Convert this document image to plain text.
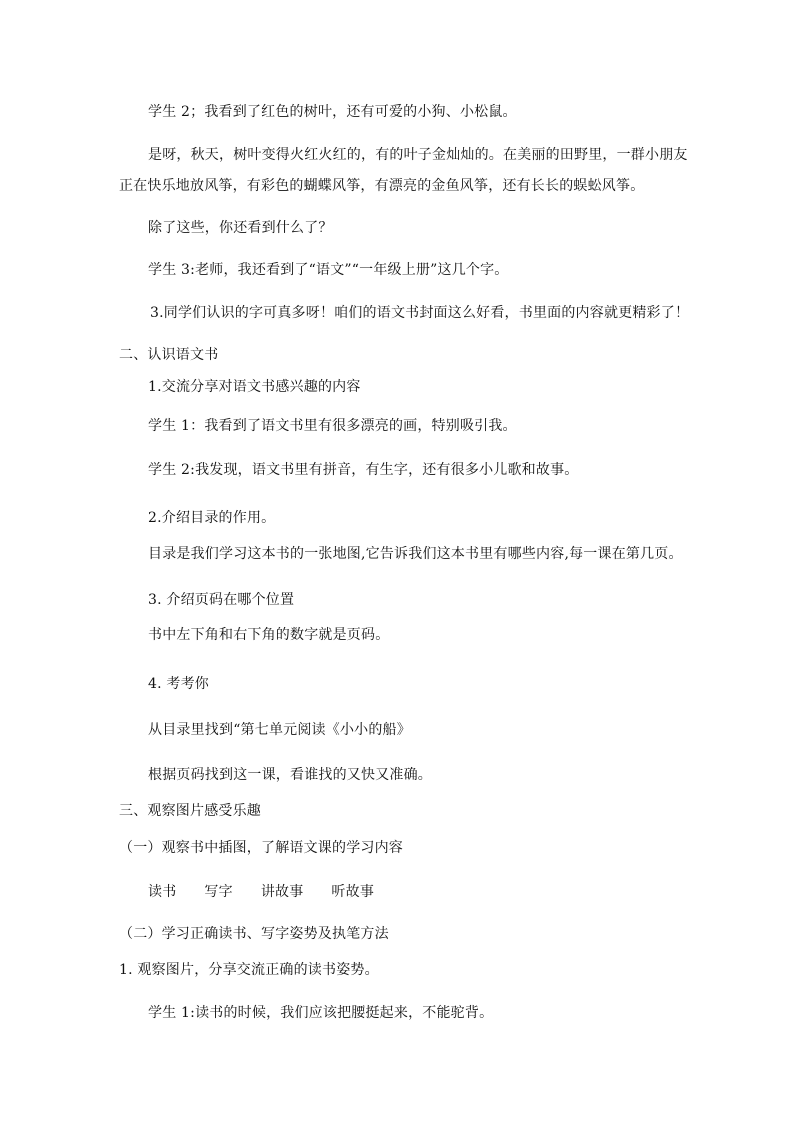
学生 2；我看到了红色的树叶，还有可爱的小狗、小松鼠。
是呀，秋天，树叶变得火红火红的，有的叶子金灿灿的。在美丽的田野里，一群小朋友
正在快乐地放风筝，有彩色的蝴蝶风筝，有漂亮的金鱼风筝，还有长长的蜈蚣风筝。
除了这些，你还看到什么了？
学生 3:老师，我还看到了“语文”“一年级上册”这几个字。
3.同学们认识的字可真多呀！咱们的语文书封面这么好看，书里面的内容就更精彩了！
二、认识语文书
1.交流分享对语文书感兴趣的内容
学生 1：我看到了语文书里有很多漂亮的画，特别吸引我。
学生 2:我发现，语文书里有拼音，有生字，还有很多小儿歌和故事。
2.介绍目录的作用。
目录是我们学习这本书的一张地图,它告诉我们这本书里有哪些内容,每一课在第几页。
3. 介绍页码在哪个位置
书中左下角和右下角的数字就是页码。
4. 考考你
从目录里找到“第七单元阅读《小小的船》
根据页码找到这一课，看谁找的又快又准确。
三、观察图片感受乐趣
（一）观察书中插图，了解语文课的学习内容
读书 写字 讲故事 听故事
（二）学习正确读书、写字姿势及执笔方法
1. 观察图片，分享交流正确的读书姿势。
学生 1:读书的时候，我们应该把腰挺起来，不能驼背。
